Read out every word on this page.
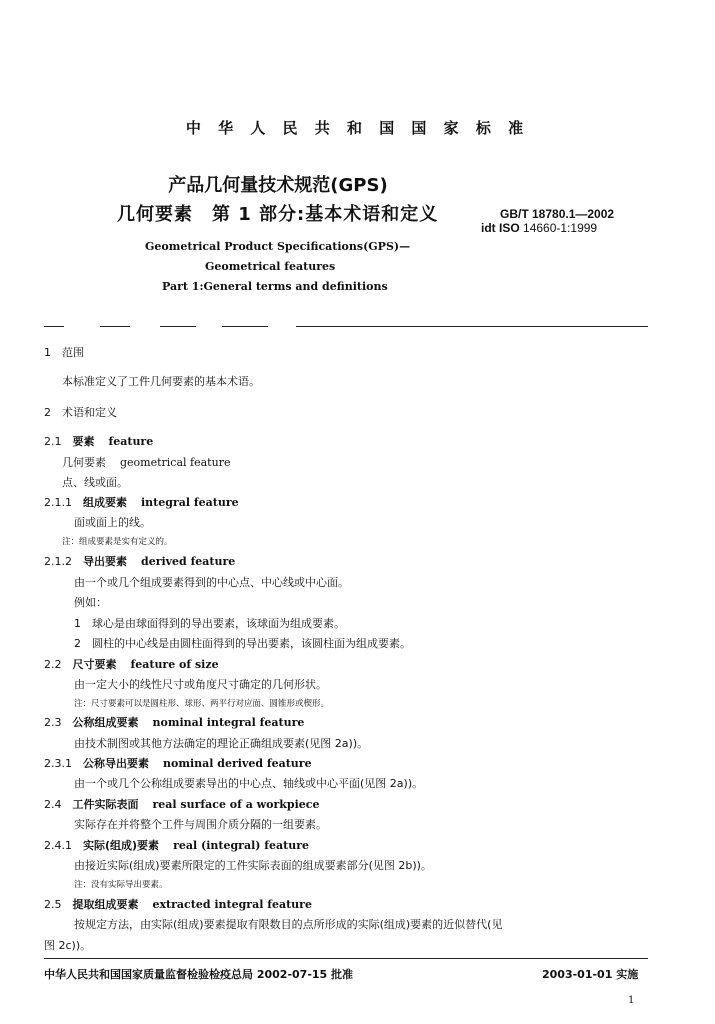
中 华 人 民 共 和 国 国 家 标 准
产品几何量技术规范(GPS)
几何要素　第 1 部分:基本术语和定义	GB/T 18780.1—2002
idt ISO 14660-1:1999
Geometrical Product Specifications(GPS)—
Geometrical features
Part 1:General terms and definitions
1　 范围
本标准定义了工件几何要素的基本术语。
2　 术语和定义
2.1　 要素 feature
几何要素 geometrical feature
点、线或面。
2.1.1　 组成要素 integral feature
面或面上的线。
注：组成要素是实有定义的。
2.1.2　 导出要素 derived feature
由一个或几个组成要素得到的中心点、中心线或中心面。
例如：
1　 球心是由球面得到的导出要素，该球面为组成要素。
2　 圆柱的中心线是由圆柱面得到的导出要素，该圆柱面为组成要素。
2.2　 尺寸要素 feature of size
由一定大小的线性尺寸或角度尺寸确定的几何形状。
注：尺寸要素可以是圆柱形、球形、两平行对应面、圆锥形或楔形。
2.3　 公称组成要素 nominal integral feature
由技术制图或其他方法确定的理论正确组成要素(见图 2a))。
2.3.1　 公称导出要素 nominal derived feature
由一个或几个公称组成要素导出的中心点、轴线或中心平面(见图 2a))。
2.4　 工件实际表面 real surface of a workpiece
实际存在并将整个工件与周围介质分隔的一组要素。
2.4.1　 实际(组成)要素 real (integral) feature
由接近实际(组成)要素所限定的工件实际表面的组成要素部分(见图 2b))。
注：没有实际导出要素。
2.5　 提取组成要素 extracted integral feature
按规定方法，由实际(组成)要素提取有限数目的点所形成的实际(组成)要素的近似替代(见
图 2c))。
中华人民共和国国家质量监督检验检疫总局 2002-07-15 批准	2003-01-01 实施
1
